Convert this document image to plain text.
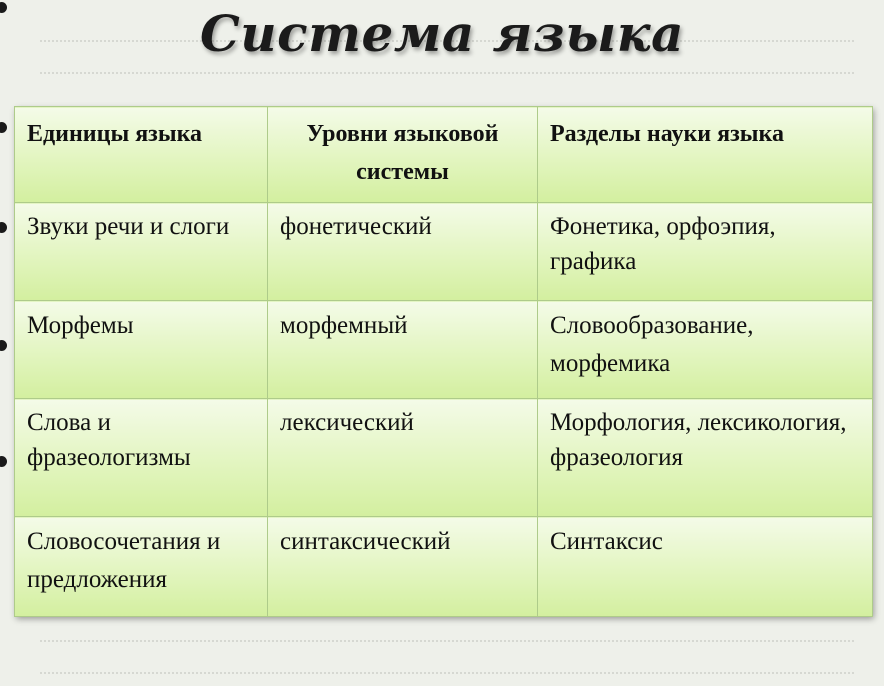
Система языка
Единицы языка	Уровни языковой системы	Разделы науки языка
Звуки речи и слоги	фонетический	Фонетика, орфоэпия, графика
Морфемы	морфемный	Словообразование, морфемика
Слова и фразеологизмы	лексический	Морфология, лексикология, фразеология
Словосочетания и предложения	синтаксический	Синтаксис
